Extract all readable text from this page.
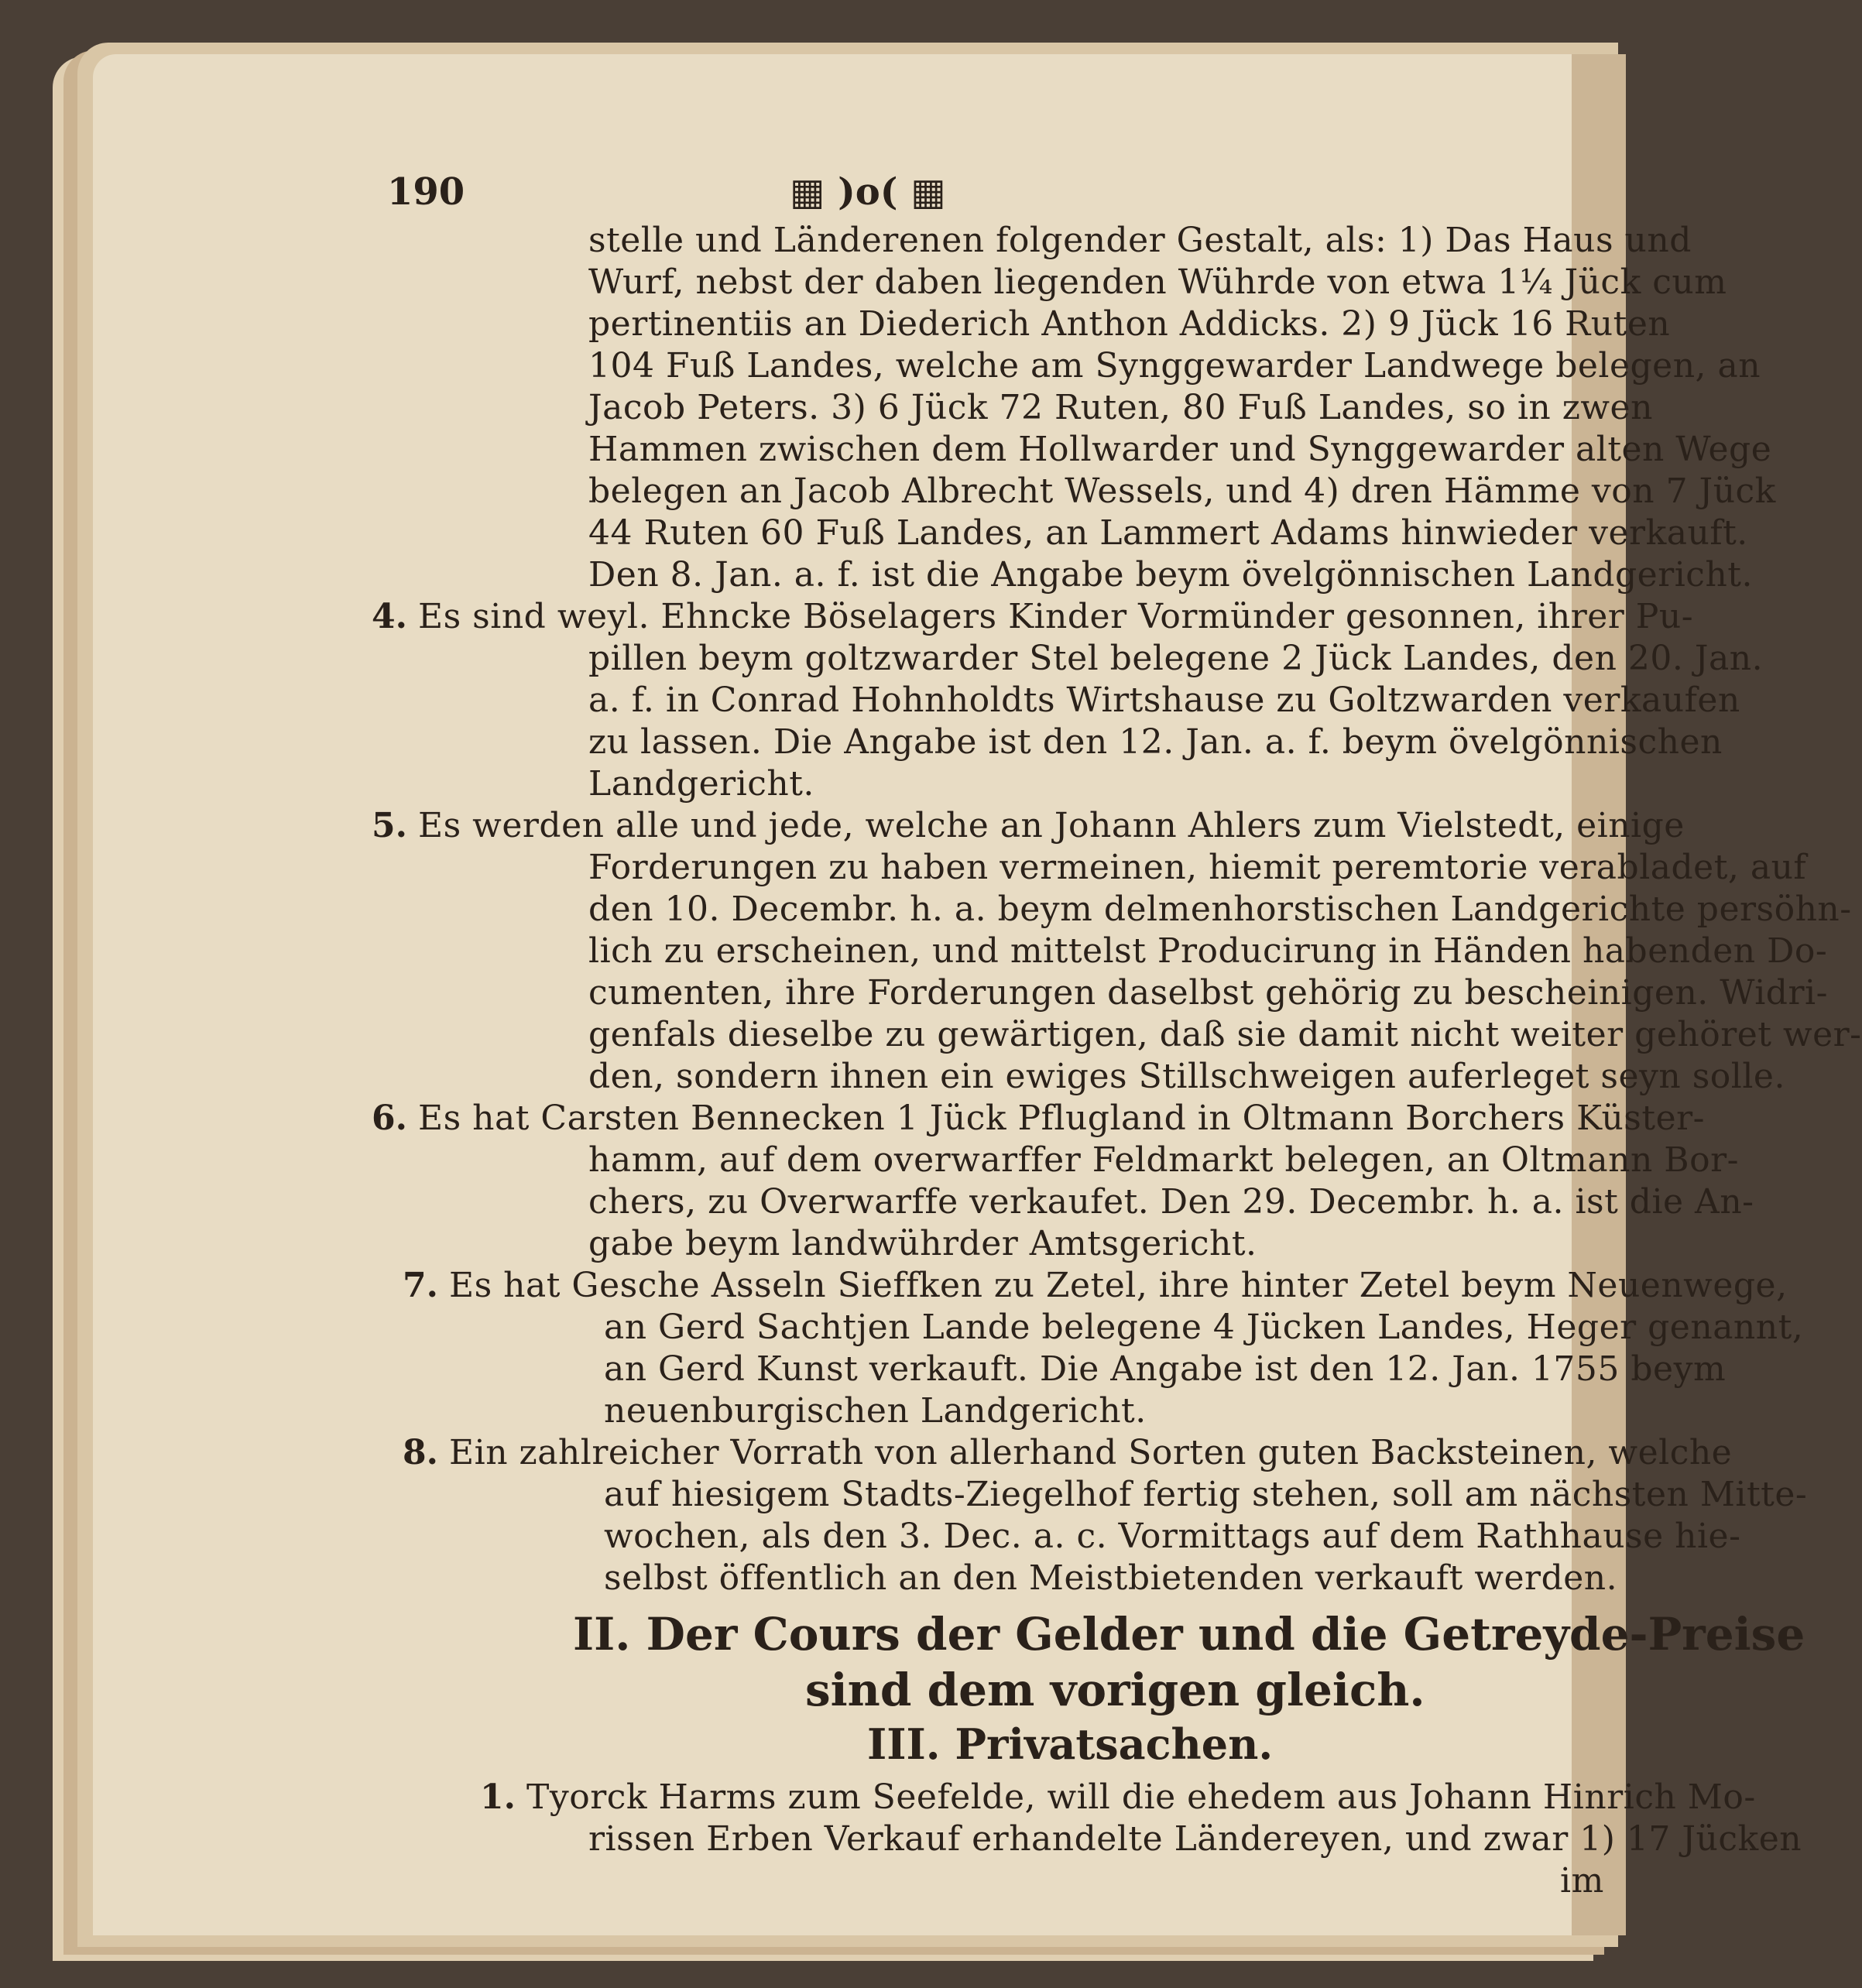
190	▦ )o( ▦
stelle und Länderenen folgender Gestalt, als: 1) Das Haus und
Wurf, nebst der daben liegenden Wührde von etwa 1¼ Jück cum
pertinentiis an Diederich Anthon Addicks. 2) 9 Jück 16 Ruten
104 Fuß Landes, welche am Synggewarder Landwege belegen, an
Jacob Peters. 3) 6 Jück 72 Ruten, 80 Fuß Landes, so in zwen
Hammen zwischen dem Hollwarder und Synggewarder alten Wege
belegen an Jacob Albrecht Wessels, und 4) dren Hämme von 7 Jück
44 Ruten 60 Fuß Landes, an Lammert Adams hinwieder verkauft.
Den 8. Jan. a. f. ist die Angabe beym övelgönnischen Landgericht.
4. Es sind weyl. Ehncke Böselagers Kinder Vormünder gesonnen, ihrer Pu-
pillen beym goltzwarder Stel belegene 2 Jück Landes, den 20. Jan.
a. f. in Conrad Hohnholdts Wirtshause zu Goltzwarden verkaufen
zu lassen. Die Angabe ist den 12. Jan. a. f. beym övelgönnischen
Landgericht.
5. Es werden alle und jede, welche an Johann Ahlers zum Vielstedt, einige
Forderungen zu haben vermeinen, hiemit peremtorie verabladet, auf
den 10. Decembr. h. a. beym delmenhorstischen Landgerichte persöhn-
lich zu erscheinen, und mittelst Producirung in Händen habenden Do-
cumenten, ihre Forderungen daselbst gehörig zu bescheinigen. Widri-
genfals dieselbe zu gewärtigen, daß sie damit nicht weiter gehöret wer-
den, sondern ihnen ein ewiges Stillschweigen auferleget seyn solle.
6. Es hat Carsten Bennecken 1 Jück Pflugland in Oltmann Borchers Küster-
hamm, auf dem overwarffer Feldmarkt belegen, an Oltmann Bor-
chers, zu Overwarffe verkaufet. Den 29. Decembr. h. a. ist die An-
gabe beym landwührder Amtsgericht.
7. Es hat Gesche Asseln Sieffken zu Zetel, ihre hinter Zetel beym Neuenwege,
an Gerd Sachtjen Lande belegene 4 Jücken Landes, Heger genannt,
an Gerd Kunst verkauft. Die Angabe ist den 12. Jan. 1755 beym
neuenburgischen Landgericht.
8. Ein zahlreicher Vorrath von allerhand Sorten guten Backsteinen, welche
auf hiesigem Stadts-Ziegelhof fertig stehen, soll am nächsten Mitte-
wochen, als den 3. Dec. a. c. Vormittags auf dem Rathhause hie-
selbst öffentlich an den Meistbietenden verkauft werden.
II. Der Cours der Gelder und die Getreyde-Preise
sind dem vorigen gleich.
III. Privatsachen.
1. Tyorck Harms zum Seefelde, will die ehedem aus Johann Hinrich Mo-
rissen Erben Verkauf erhandelte Ländereyen, und zwar 1) 17 Jücken
im
